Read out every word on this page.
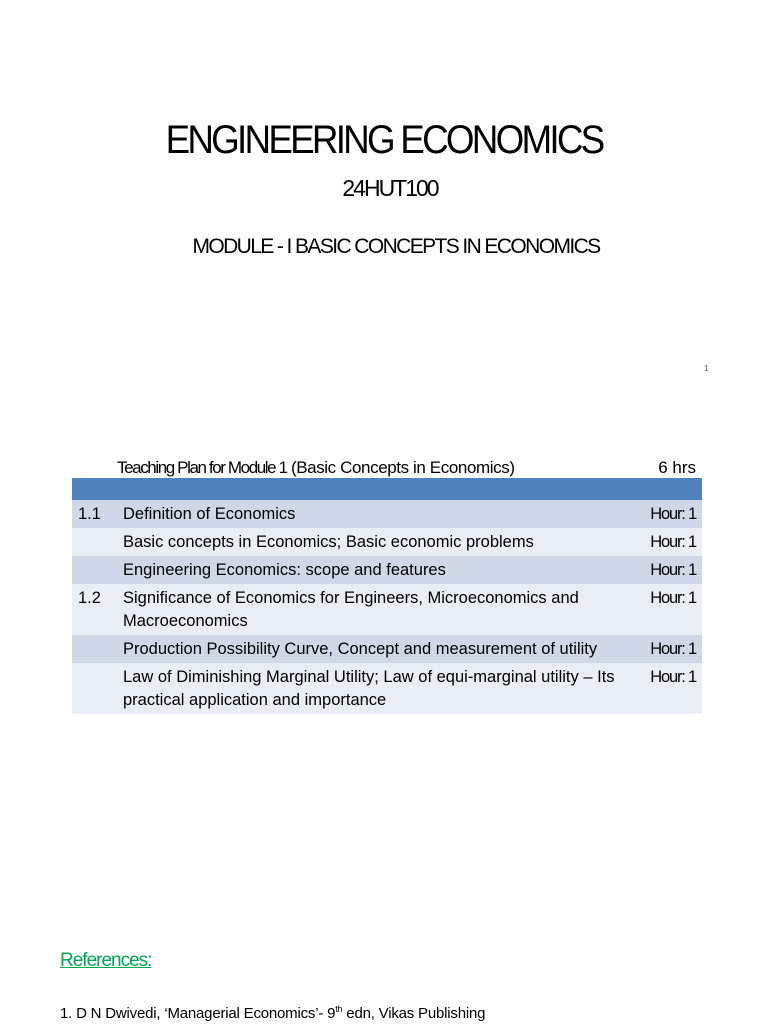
ENGINEERING ECONOMICS
24HUT100
MODULE - I BASIC CONCEPTS IN ECONOMICS
1
Teaching Plan for Module 1 (Basic Concepts in Economics)	6 hrs
1.1	Definition of Economics	Hour: 1
	Basic concepts in Economics; Basic economic problems	Hour: 1
	Engineering Economics: scope and features	Hour: 1
1.2	Significance of Economics for Engineers, Microeconomics and Macroeconomics	Hour: 1
	Production Possibility Curve, Concept and measurement of utility	Hour: 1
	Law of Diminishing Marginal Utility; Law of equi-marginal utility – Its practical application and importance	Hour: 1
References:
1. D N Dwivedi, ‘Managerial Economics’- 9th edn, Vikas Publishing
